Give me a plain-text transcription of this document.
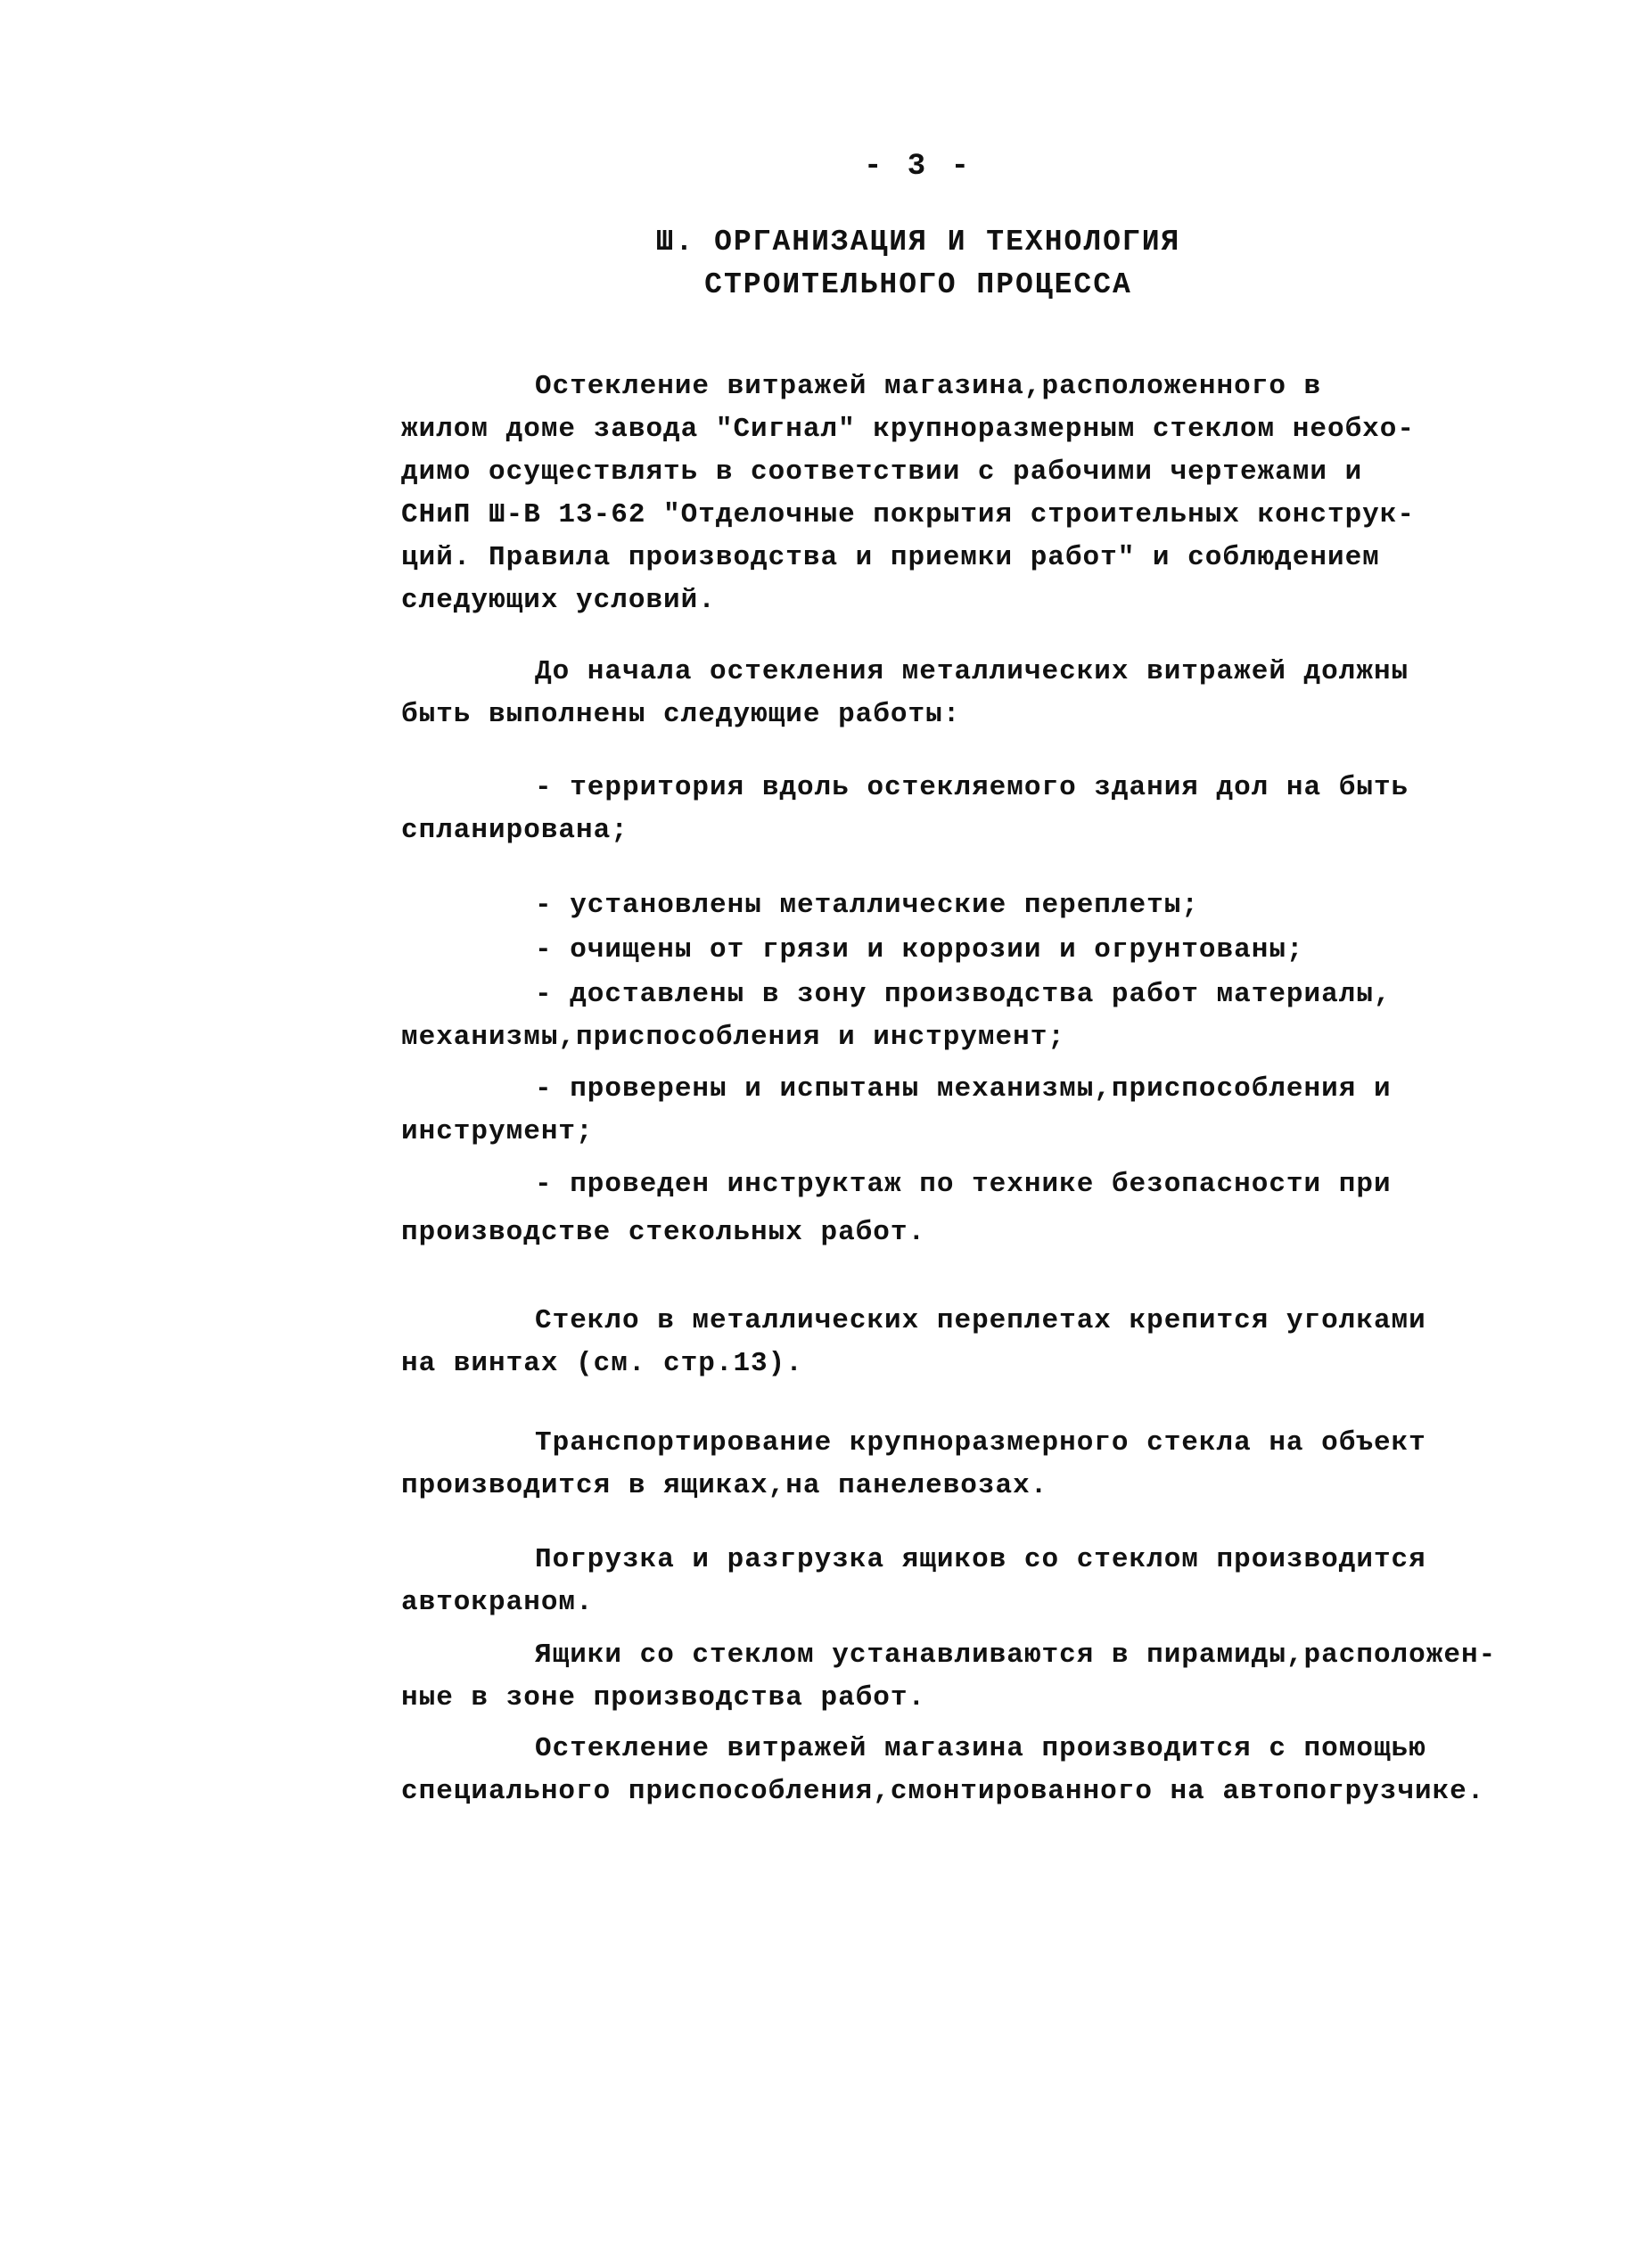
- 3 -
Ш. ОРГАНИЗАЦИЯ И ТЕХНОЛОГИЯ
СТРОИТЕЛЬНОГО ПРОЦЕССА
Остекление витражей магазина,расположенного в
жилом доме завода "Сигнал" крупноразмерным стеклом необхо-
димо осуществлять в соответствии с рабочими чертежами и
СНиП Ш-В 13-62 "Отделочные покрытия строительных конструк-
ций. Правила производства и приемки работ" и соблюдением
следующих условий.
До начала остекления металлических витражей должны
быть выполнены следующие работы:
- территория вдоль остекляемого здания дол на быть
спланирована;
- установлены металлические переплеты;
- очищены от грязи и коррозии и огрунтованы;
- доставлены в зону производства работ материалы,
механизмы,приспособления и инструмент;
- проверены и испытаны механизмы,приспособления и
инструмент;
- проведен инструктаж по технике безопасности при
производстве стекольных работ.
Стекло в металлических переплетах крепится уголками
на винтах (см. стр.13).
Транспортирование крупноразмерного стекла на объект
производится в ящиках,на панелевозах.
Погрузка и разгрузка ящиков со стеклом производится
автокраном.
Ящики со стеклом устанавливаются в пирамиды,расположен-
ные в зоне производства работ.
Остекление витражей магазина производится с помощью
специального приспособления,смонтированного на автопогрузчике.
